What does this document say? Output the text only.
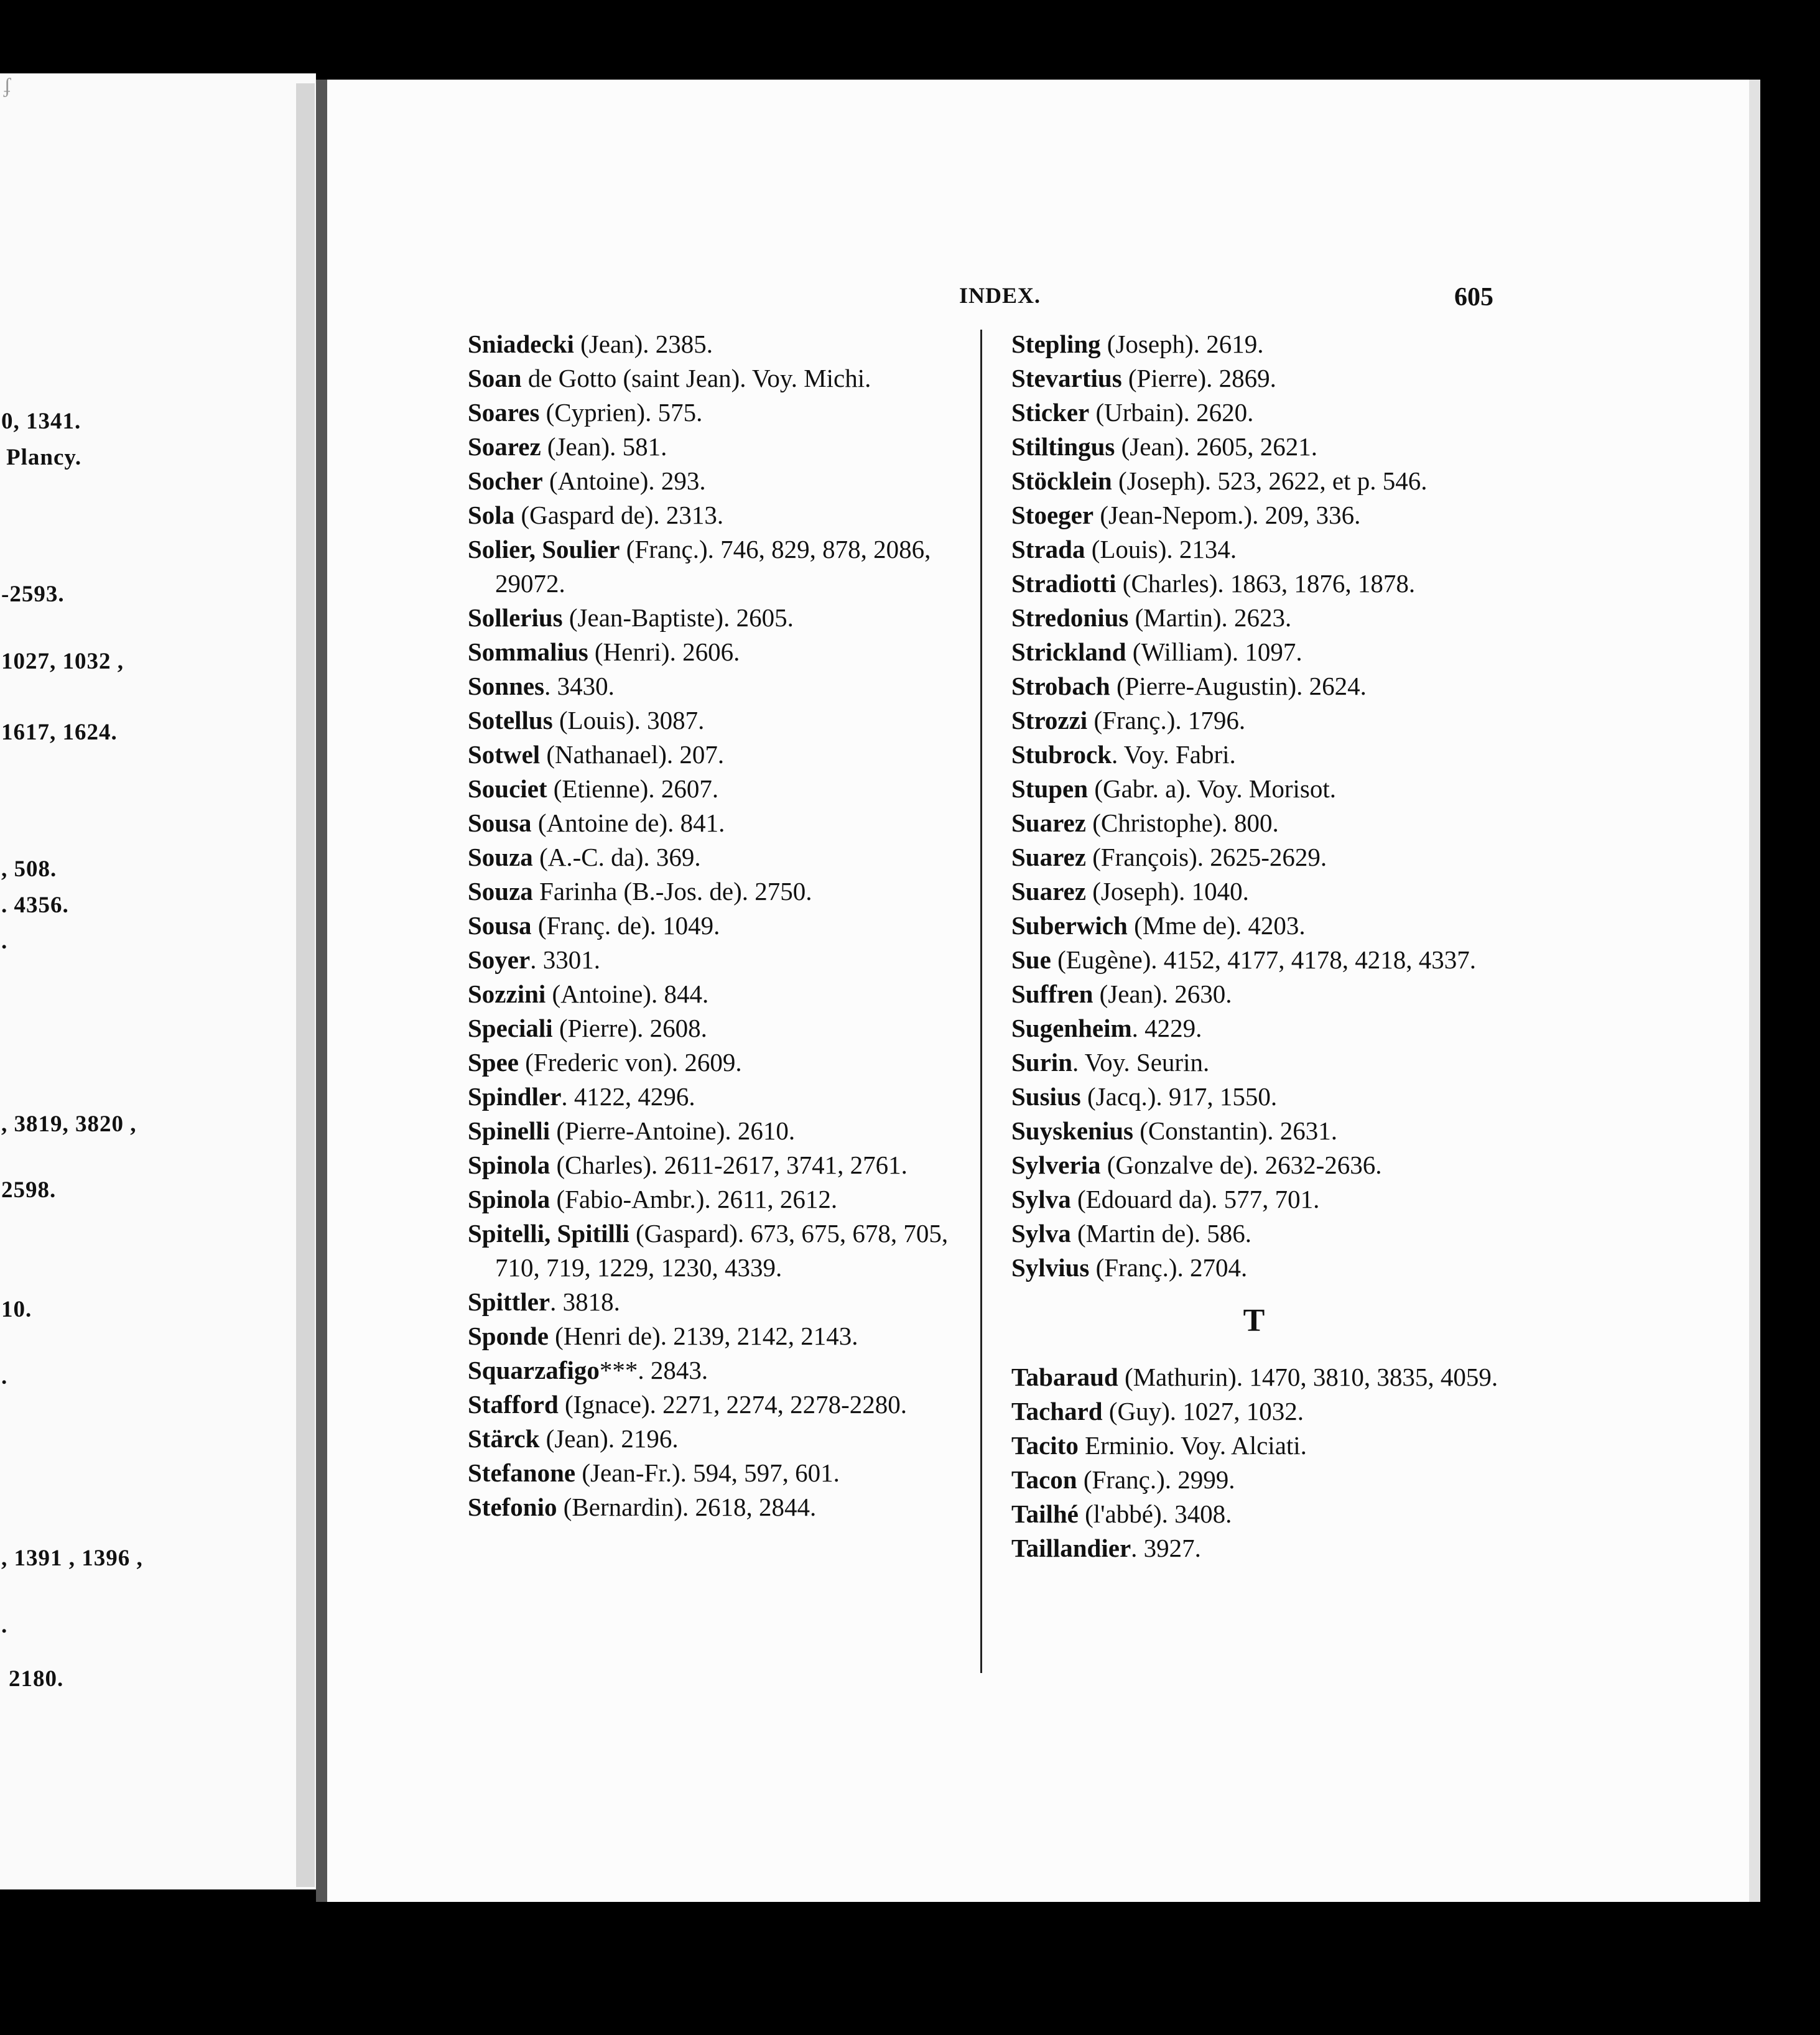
ʄ
0, 1341.
Plancy.
-2593.
1027, 1032 ,
1617, 1624.
, 508.
. 4356.
.
, 3819, 3820 ,
2598.
10.
.
, 1391 , 1396 ,
.
2180.
INDEX.	605
Sniadecki (Jean). 2385.
Soan de Gotto (saint Jean). Voy. Michi.
Soares (Cyprien). 575.
Soarez (Jean). 581.
Socher (Antoine). 293.
Sola (Gaspard de). 2313.
Solier, Soulier (Franç.). 746, 829, 878, 2086, 29072.
Sollerius (Jean-Baptiste). 2605.
Sommalius (Henri). 2606.
Sonnes. 3430.
Sotellus (Louis). 3087.
Sotwel (Nathanael). 207.
Souciet (Etienne). 2607.
Sousa (Antoine de). 841.
Souza (A.-C. da). 369.
Souza Farinha (B.-Jos. de). 2750.
Sousa (Franç. de). 1049.
Soyer. 3301.
Sozzini (Antoine). 844.
Speciali (Pierre). 2608.
Spee (Frederic von). 2609.
Spindler. 4122, 4296.
Spinelli (Pierre-Antoine). 2610.
Spinola (Charles). 2611-2617, 3741, 2761.
Spinola (Fabio-Ambr.). 2611, 2612.
Spitelli, Spitilli (Gaspard). 673, 675, 678, 705, 710, 719, 1229, 1230, 4339.
Spittler. 3818.
Sponde (Henri de). 2139, 2142, 2143.
Squarzafigo***. 2843.
Stafford (Ignace). 2271, 2274, 2278-2280.
Stärck (Jean). 2196.
Stefanone (Jean-Fr.). 594, 597, 601.
Stefonio (Bernardin). 2618, 2844.
Stepling (Joseph). 2619.
Stevartius (Pierre). 2869.
Sticker (Urbain). 2620.
Stiltingus (Jean). 2605, 2621.
Stöcklein (Joseph). 523, 2622, et p. 546.
Stoeger (Jean-Nepom.). 209, 336.
Strada (Louis). 2134.
Stradiotti (Charles). 1863, 1876, 1878.
Stredonius (Martin). 2623.
Strickland (William). 1097.
Strobach (Pierre-Augustin). 2624.
Strozzi (Franç.). 1796.
Stubrock. Voy. Fabri.
Stupen (Gabr. a). Voy. Morisot.
Suarez (Christophe). 800.
Suarez (François). 2625-2629.
Suarez (Joseph). 1040.
Suberwich (Mme de). 4203.
Sue (Eugène). 4152, 4177, 4178, 4218, 4337.
Suffren (Jean). 2630.
Sugenheim. 4229.
Surin. Voy. Seurin.
Susius (Jacq.). 917, 1550.
Suyskenius (Constantin). 2631.
Sylveria (Gonzalve de). 2632-2636.
Sylva (Edouard da). 577, 701.
Sylva (Martin de). 586.
Sylvius (Franç.). 2704.
T
Tabaraud (Mathurin). 1470, 3810, 3835, 4059.
Tachard (Guy). 1027, 1032.
Tacito Erminio. Voy. Alciati.
Tacon (Franç.). 2999.
Tailhé (l'abbé). 3408.
Taillandier. 3927.
